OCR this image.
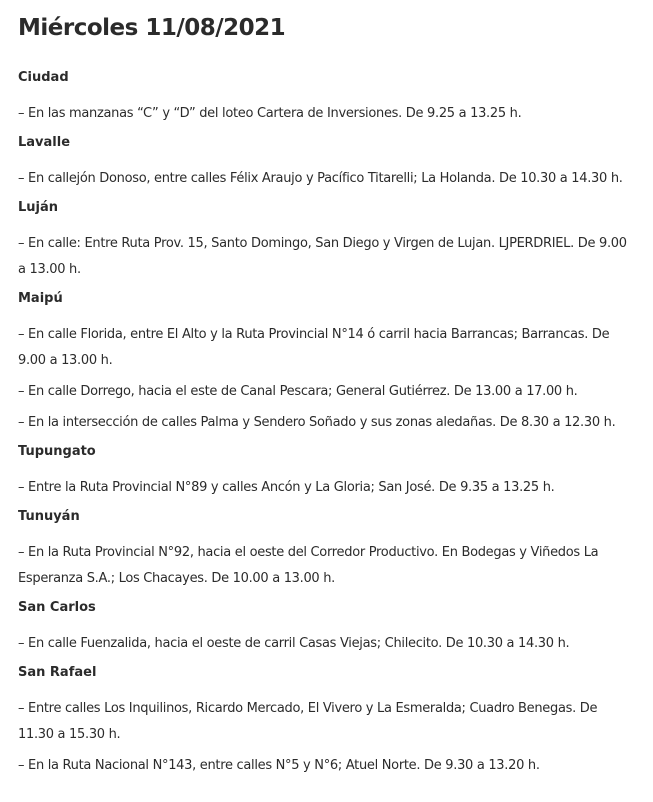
Miércoles 11/08/2021
Ciudad
– En las manzanas “C” y “D” del loteo Cartera de Inversiones. De 9.25 a 13.25 h.
Lavalle
– En callejón Donoso, entre calles Félix Araujo y Pacífico Titarelli; La Holanda. De 10.30 a 14.30 h.
Luján
– En calle: Entre Ruta Prov. 15, Santo Domingo, San Diego y Virgen de Lujan. LJPERDRIEL. De 9.00 a 13.00 h.
Maipú
– En calle Florida, entre El Alto y la Ruta Provincial N°14 ó carril hacia Barrancas; Barrancas. De 9.00 a 13.00 h.
– En calle Dorrego, hacia el este de Canal Pescara; General Gutiérrez. De 13.00 a 17.00 h.
– En la intersección de calles Palma y Sendero Soñado y sus zonas aledañas. De 8.30 a 12.30 h.
Tupungato
– Entre la Ruta Provincial N°89 y calles Ancón y La Gloria; San José. De 9.35 a 13.25 h.
Tunuyán
– En la Ruta Provincial N°92, hacia el oeste del Corredor Productivo. En Bodegas y Viñedos La Esperanza S.A.; Los Chacayes. De 10.00 a 13.00 h.
San Carlos
– En calle Fuenzalida, hacia el oeste de carril Casas Viejas; Chilecito. De 10.30 a 14.30 h.
San Rafael
– Entre calles Los Inquilinos, Ricardo Mercado, El Vivero y La Esmeralda; Cuadro Benegas. De 11.30 a 15.30 h.
– En la Ruta Nacional N°143, entre calles N°5 y N°6; Atuel Norte. De 9.30 a 13.20 h.
